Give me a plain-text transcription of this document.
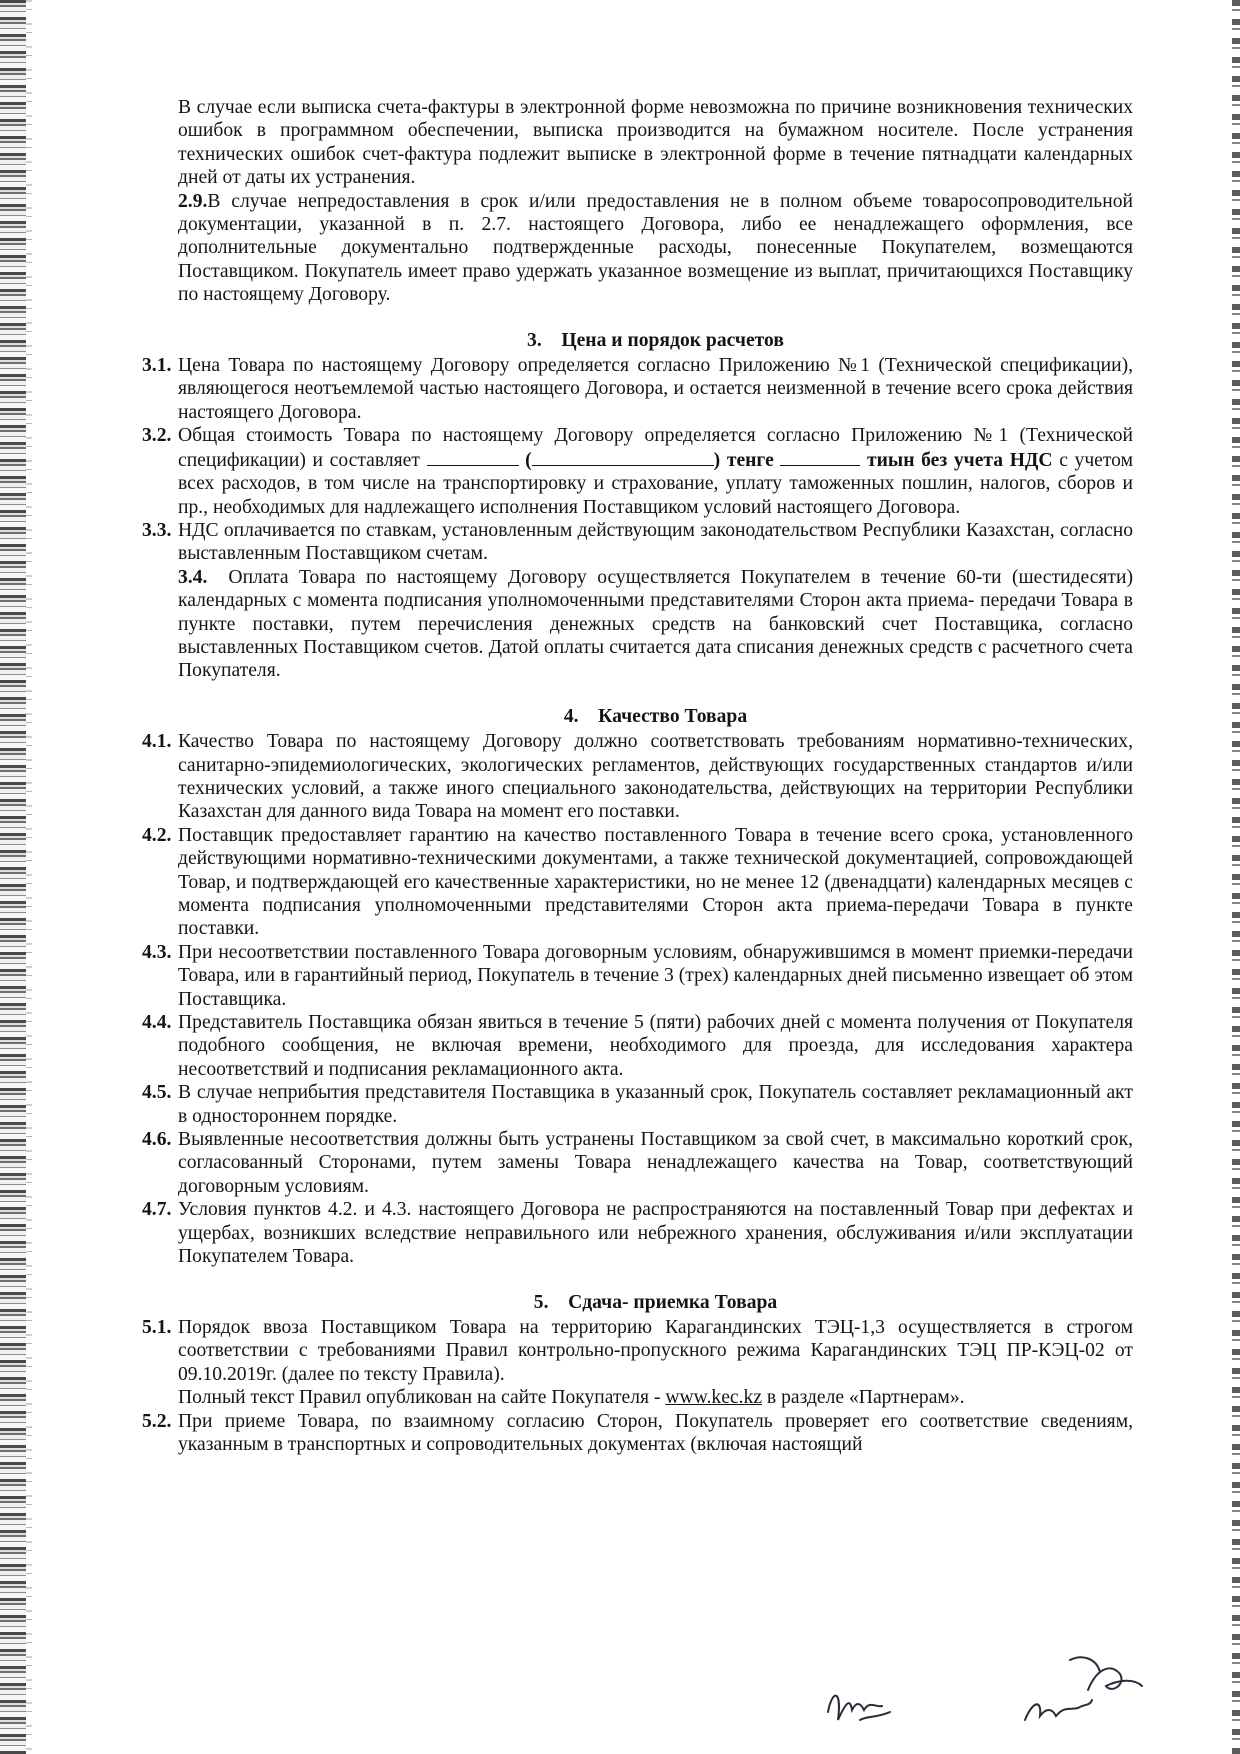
В случае если выписка счета-фактуры в электронной форме невозможна по причине возникновения технических ошибок в программном обеспечении, выписка производится на бумажном носителе. После устранения технических ошибок счет-фактура подлежит выписке в электронной форме в течение пятнадцати календарных дней от даты их устранения.

2.9.В случае непредоставления в срок и/или предоставления не в полном объеме товаросопроводительной документации, указанной в п. 2.7. настоящего Договора, либо ее ненадлежащего оформления, все дополнительные документально подтвержденные расходы, понесенные Покупателем, возмещаются Поставщиком. Покупатель имеет право удержать указанное возмещение из выплат, причитающихся Поставщику по настоящему Договору.

3. Цена и порядок расчетов
3.1. Цена Товара по настоящему Договору определяется согласно Приложению №1 (Технической спецификации), являющегося неотъемлемой частью настоящего Договора, и остается неизменной в течение всего срока действия настоящего Договора.
3.2. Общая стоимость Товара по настоящему Договору определяется согласно Приложению №1 (Технической спецификации) и составляет	(	) тенге	тиын без учета НДС с учетом всех расходов, в том числе на транспортировку и страхование, уплату таможенных пошлин, налогов, сборов и пр., необходимых для надлежащего исполнения Поставщиком условий настоящего Договора.
3.3. НДС оплачивается по ставкам, установленным действующим законодательством Республики Казахстан, согласно выставленным Поставщиком счетам.

3.4. Оплата Товара по настоящему Договору осуществляется Покупателем в течение 60-ти (шестидесяти) календарных с момента подписания уполномоченными представителями Сторон акта приема- передачи Товара в пункте поставки, путем перечисления денежных средств на банковский счет Поставщика, согласно выставленных Поставщиком счетов. Датой оплаты считается дата списания денежных средств с расчетного счета Покупателя.

4. Качество Товара
4.1. Качество Товара по настоящему Договору должно соответствовать требованиям нормативно-технических, санитарно-эпидемиологических, экологических регламентов, действующих государственных стандартов и/или технических условий, а также иного специального законодательства, действующих на территории Республики Казахстан для данного вида Товара на момент его поставки.
4.2. Поставщик предоставляет гарантию на качество поставленного Товара в течение всего срока, установленного действующими нормативно-техническими документами, а также технической документацией, сопровождающей Товар, и подтверждающей его качественные характеристики, но не менее 12 (двенадцати) календарных месяцев с момента подписания уполномоченными представителями Сторон акта приема-передачи Товара в пункте поставки.
4.3. При несоответствии поставленного Товара договорным условиям, обнаружившимся в момент приемки-передачи Товара, или в гарантийный период, Покупатель в течение 3 (трех) календарных дней письменно извещает об этом Поставщика.
4.4. Представитель Поставщика обязан явиться в течение 5 (пяти) рабочих дней с момента получения от Покупателя подобного сообщения, не включая времени, необходимого для проезда, для исследования характера несоответствий и подписания рекламационного акта.
4.5. В случае неприбытия представителя Поставщика в указанный срок, Покупатель составляет рекламационный акт в одностороннем порядке.
4.6. Выявленные несоответствия должны быть устранены Поставщиком за свой счет, в максимально короткий срок, согласованный Сторонами, путем замены Товара ненадлежащего качества на Товар, соответствующий договорным условиям.
4.7. Условия пунктов 4.2. и 4.3. настоящего Договора не распространяются на поставленный Товар при дефектах и ущербах, возникших вследствие неправильного или небрежного хранения, обслуживания и/или эксплуатации Покупателем Товара.
5. Сдача- приемка Товара
5.1. Порядок ввоза Поставщиком Товара на территорию Карагандинских ТЭЦ-1,3 осуществляется в строгом соответствии с требованиями Правил контрольно-пропускного режима Карагандинских ТЭЦ ПР-КЭЦ-02 от 09.10.2019г. (далее по тексту Правила).

Полный текст Правил опубликован на сайте Покупателя - www.kec.kz в разделе «Партнерам».

5.2. При приеме Товара, по взаимному согласию Сторон, Покупатель проверяет его соответствие сведениям, указанным в транспортных и сопроводительных документах (включая настоящий
